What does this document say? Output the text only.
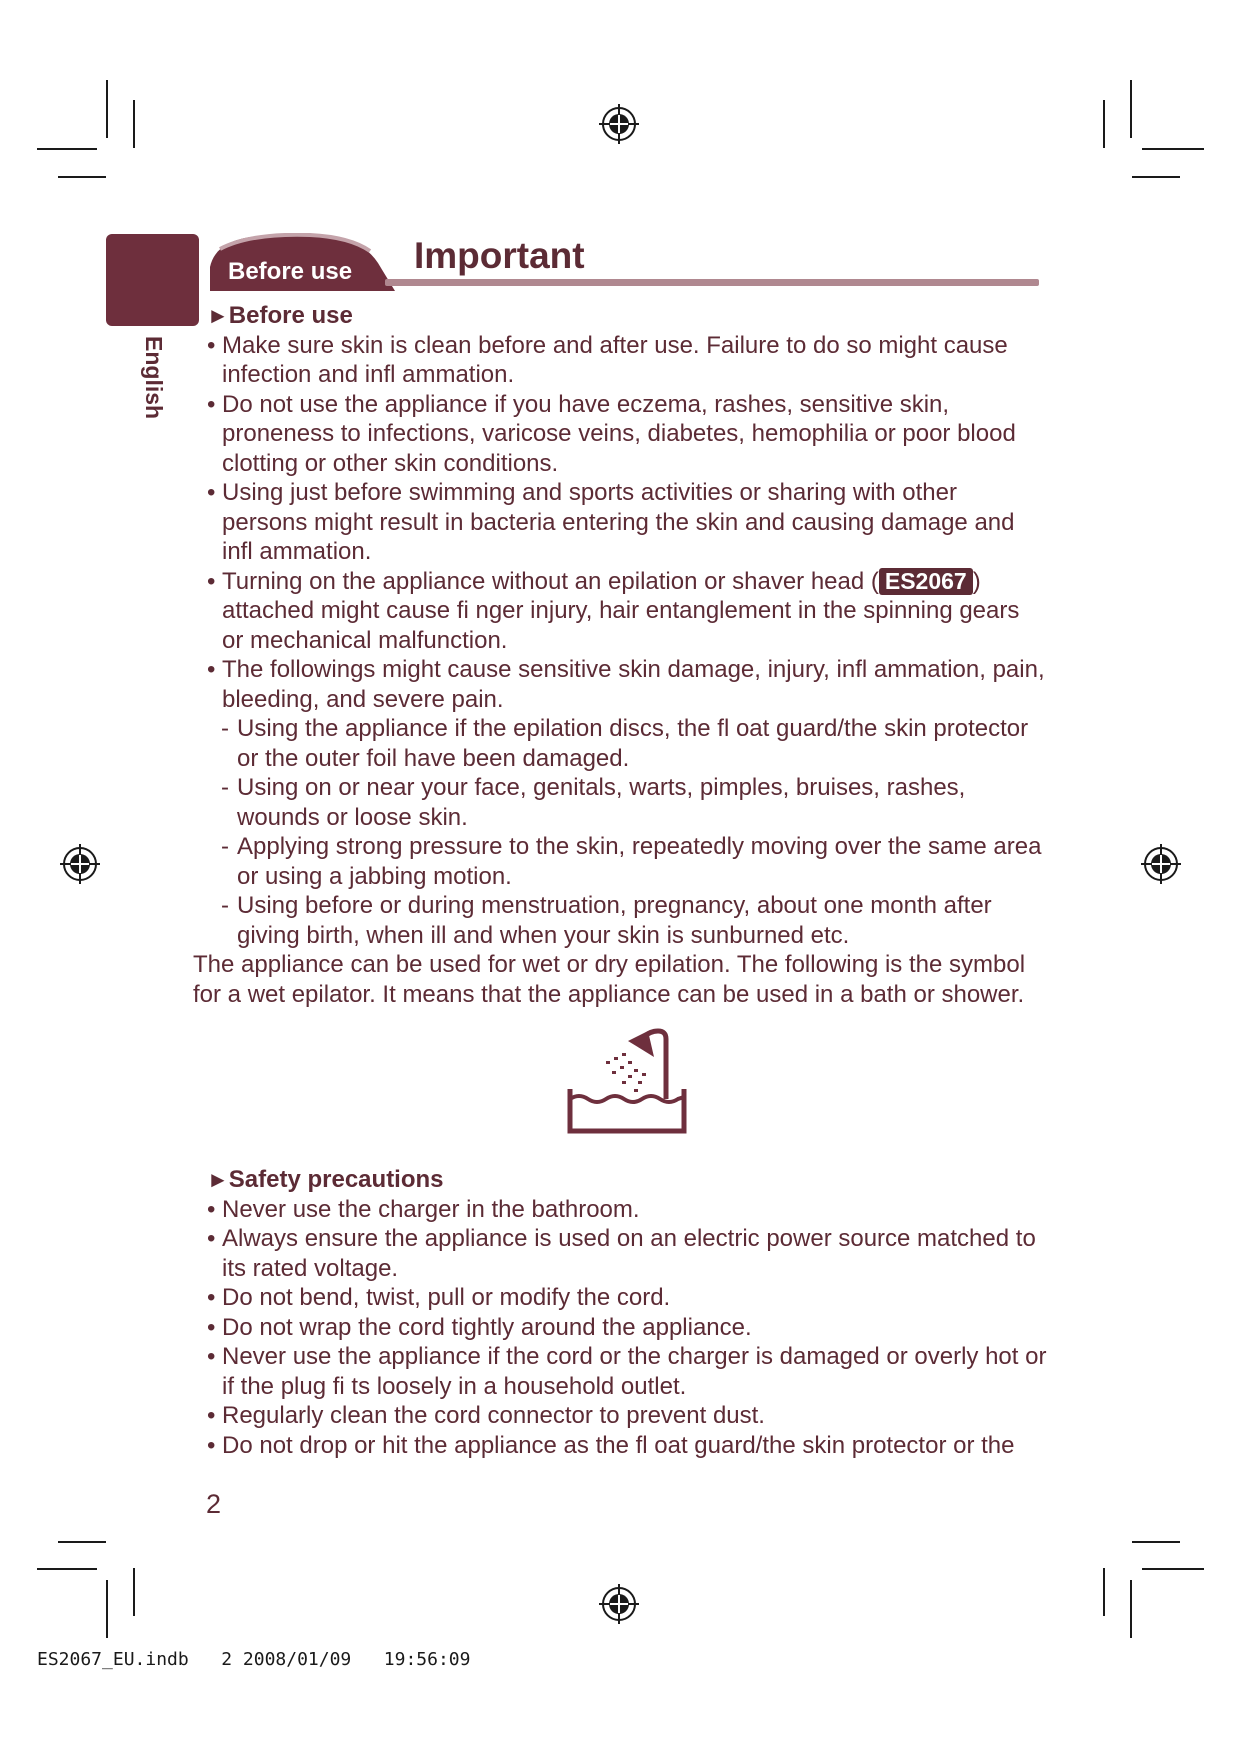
English
Before use Important

►Before use

• Make sure skin is clean before and after use. Failure to do so might cause infection and infl ammation.

• Do not use the appliance if you have eczema, rashes, sensitive skin, proneness to infections, varicose veins, diabetes, hemophilia or poor blood clotting or other skin conditions.

• Using just before swimming and sports activities or sharing with other persons might result in bacteria entering the skin and causing damage and infl ammation.

• Turning on the appliance without an epilation or shaver head ( ES2067 ) attached might cause fi nger injury, hair entanglement in the spinning gears or mechanical malfunction.

• The followings might cause sensitive skin damage, injury, infl ammation, pain, bleeding, and severe pain.

- Using the appliance if the epilation discs, the fl oat guard/the skin protector or the outer foil have been damaged.

- Using on or near your face, genitals, warts, pimples, bruises, rashes, wounds or loose skin.

- Applying strong pressure to the skin, repeatedly moving over the same area or using a jabbing motion.

- Using before or during menstruation, pregnancy, about one month after giving birth, when ill and when your skin is sunburned etc.

The appliance can be used for wet or dry epilation. The following is the symbol for a wet epilator. It means that the appliance can be used in a bath or shower.

►Safety precautions

• Never use the charger in the bathroom.

• Always ensure the appliance is used on an electric power source matched to its rated voltage.

• Do not bend, twist, pull or modify the cord.

• Do not wrap the cord tightly around the appliance.

• Never use the appliance if the cord or the charger is damaged or overly hot or if the plug fi ts loosely in a household outlet.

• Regularly clean the cord connector to prevent dust.

• Do not drop or hit the appliance as the fl oat guard/the skin protector or the

2
ES2067_EU.indb   2 2008/01/09   19:56:09
